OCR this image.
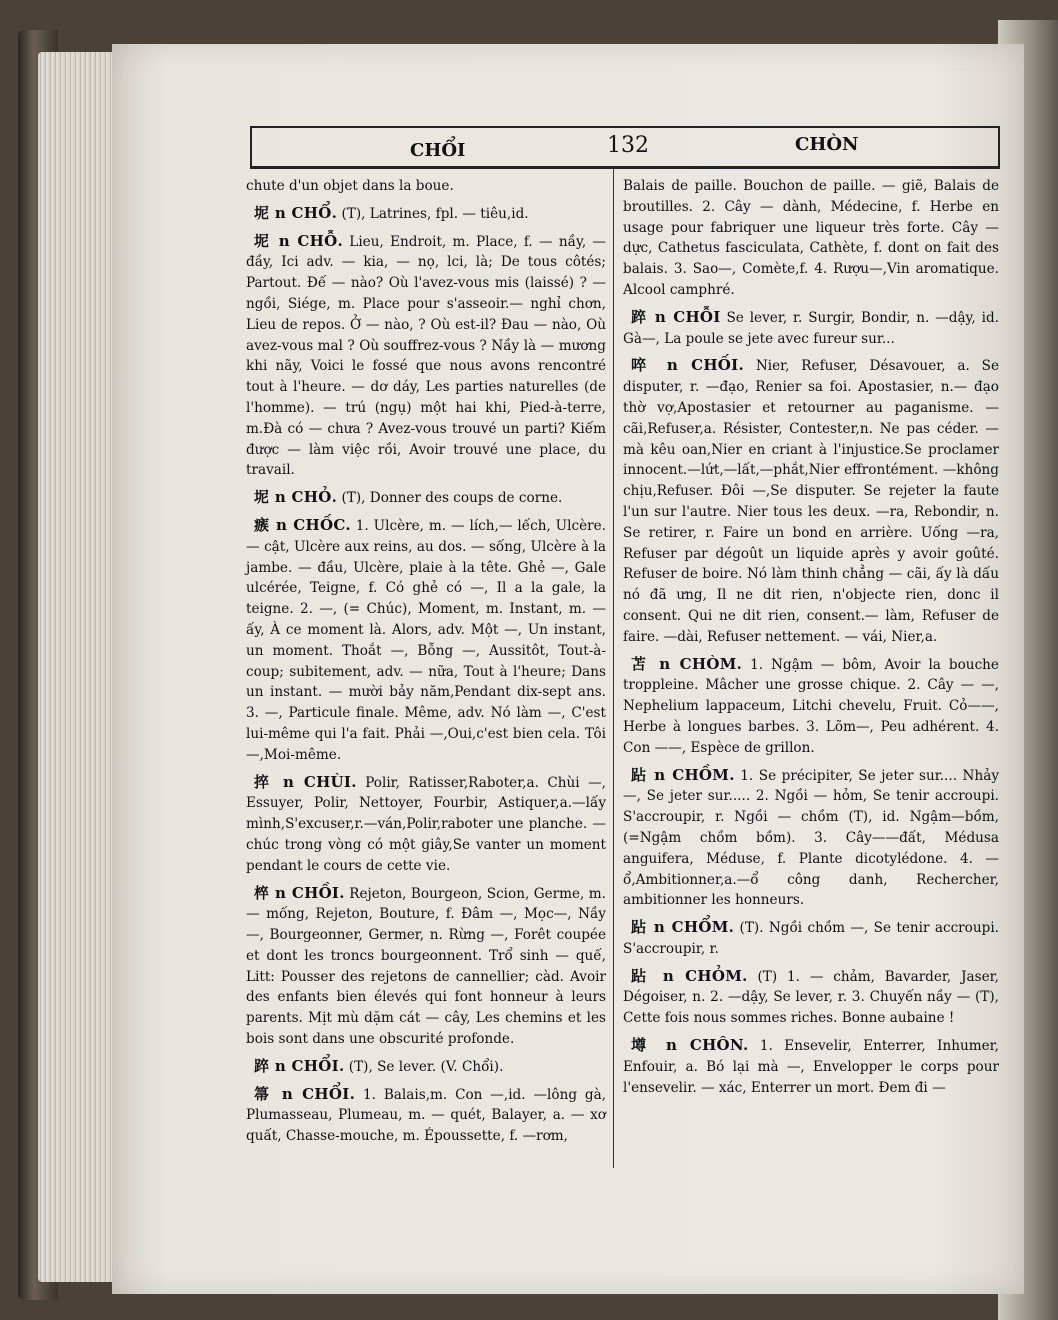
CHỔI	132	CHÒN

chute d'un objet dans la boue.

坭 n CHỔ. (T), Latrines, fpl. — tiêu,id.

坭 n CHỖ. Lieu, Endroit, m. Place, f. — nầy, — đầy, Ici adv. — kia, — nọ, lci, là; De tous côtés; Partout. Đế — nào? Où l'avez-vous mis (laissé) ? — ngồi, Siége, m. Place pour s'asseoir.— nghỉ chơn, Lieu de repos. Ở — nào, ? Où est-il? Đau — nào, Où avez-vous mal ? Où souffrez-vous ? Nầy là — mương khi nãy, Voici le fossé que nous avons rencontré tout à l'heure. — dơ dáy, Les parties naturelles (de l'homme). — trú (ngụ) một hai khi, Pied-à-terre, m.Đà có — chưa ? Avez-vous trouvé un parti? Kiếm được — làm việc rồi, Avoir trouvé une place, du travail.

坭 n CHỎ. (T), Donner des coups de corne.

瘯 n CHỐC. 1. Ulcère, m. — lích,— lếch, Ulcère. — cật, Ulcère aux reins, au dos. — sống, Ulcère à la jambe. — đầu, Ulcère, plaie à la tête. Ghẻ —, Gale ulcérée, Teigne, f. Có ghẻ có —, Il a la gale, la teigne. 2. —, (= Chúc), Moment, m. Instant, m. — ấy, À ce moment là. Alors, adv. Một —, Un instant, un moment. Thoắt —, Bỗng —, Aussitôt, Tout-à-coup; subitement, adv. — nữa, Tout à l'heure; Dans un instant. — mười bảy năm,Pendant dix-sept ans. 3. —, Particule finale. Même, adv. Nó làm —, C'est lui-même qui l'a fait. Phải —,Oui,c'est bien cela. Tôi —,Moi-même.

捽 n CHÙI. Polir, Ratisser,Raboter,a. Chùi —, Essuyer, Polir, Nettoyer, Fourbir, Astiquer,a.—lấy mình,S'excuser,r.—ván,Polir,raboter une planche. — chúc trong vòng có một giây,Se vanter un moment pendant le cours de cette vie.

椊 n CHỒI. Rejeton, Bourgeon, Scion, Germe, m. — mống, Rejeton, Bouture, f. Đâm —, Mọc—, Nầy —, Bourgeonner, Germer, n. Rừng —, Forêt coupée et dont les troncs bourgeonnent. Trổ sinh — quế, Litt: Pousser des rejetons de cannellier; càd. Avoir des enfants bien élevés qui font honneur à leurs parents. Mịt mù dặm cát — cây, Les chemins et les bois sont dans une obscurité profonde.

踤 n CHỔI. (T), Se lever. (V. Chổi).

箒 n CHỔI. 1. Balais,m. Con —,id. —lông gà, Plumasseau, Plumeau, m. — quét, Balayer, a. — xơ quất, Chasse-mouche, m. Époussette, f. —rơm,

Balais de paille. Bouchon de paille. — giẽ, Balais de broutilles. 2. Cây — dành, Médecine, f. Herbe en usage pour fabriquer une liqueur très forte. Cây — dực, Cathetus fasciculata, Cathète, f. dont on fait des balais. 3. Sao—, Comète,f. 4. Rượu—,Vin aromatique. Alcool camphré.

踤 n CHỖI Se lever, r. Surgir, Bondir, n. —dậy, id. Gà—, La poule se jete avec fureur sur...

啐 n CHỐI. Nier, Refuser, Désavouer, a. Se disputer, r. —đạo, Renier sa foi. Apostasier, n.— đạo thờ vợ,Apostasier et retourner au paganisme. —cãi,Refuser,a. Résister, Contester,n. Ne pas céder. —mà kêu oan,Nier en criant à l'injustice.Se proclamer innocent.—lứt,—lất,—phắt,Nier effrontément. —không chịu,Refuser. Đôi —,Se disputer. Se rejeter la faute l'un sur l'autre. Nier tous les deux. —ra, Rebondir, n. Se retirer, r. Faire un bond en arrière. Uống —ra, Refuser par dégoût un liquide après y avoir goûté. Refuser de boire. Nó làm thinh chẳng — cãi, ấy là dấu nó đã ưng, Il ne dit rien, n'objecte rien, donc il consent. Qui ne dit rien, consent.— làm, Refuser de faire. —dài, Refuser nettement. — vái, Nier,a.

苫 n CHÒM. 1. Ngậm — bôm, Avoir la bouche troppleine. Mâcher une grosse chique. 2. Cây — —, Nephelium lappaceum, Litchi chevelu, Fruit. Cỏ——, Herbe à longues barbes. 3. Lõm—, Peu adhérent. 4. Con ——, Espèce de grillon.

跕 n CHỒM. 1. Se précipiter, Se jeter sur.... Nhảy —, Se jeter sur..... 2. Ngồi — hỏm, Se tenir accroupi. S'accroupir, r. Ngồi — chồm (T), id. Ngậm—bồm, (=Ngậm chồm bồm). 3. Cây——đất, Médusa anguifera, Méduse, f. Plante dicotylédone. 4. — ổ,Ambitionner,a.—ổ công danh, Rechercher, ambitionner les honneurs.

跕 n CHỔM. (T). Ngồi chồm —, Se tenir accroupi. S'accroupir, r.

跕 n CHỎM. (T) 1. — chảm, Bavarder, Jaser, Dégoiser, n. 2. —dậy, Se lever, r. 3. Chuyến nầy — (T), Cette fois nous sommes riches. Bonne aubaine !

墫 n CHÔN. 1. Ensevelir, Enterrer, Inhumer, Enfouir, a. Bó lại mà —, Envelopper le corps pour l'ensevelir. — xác, Enterrer un mort. Đem đi —
